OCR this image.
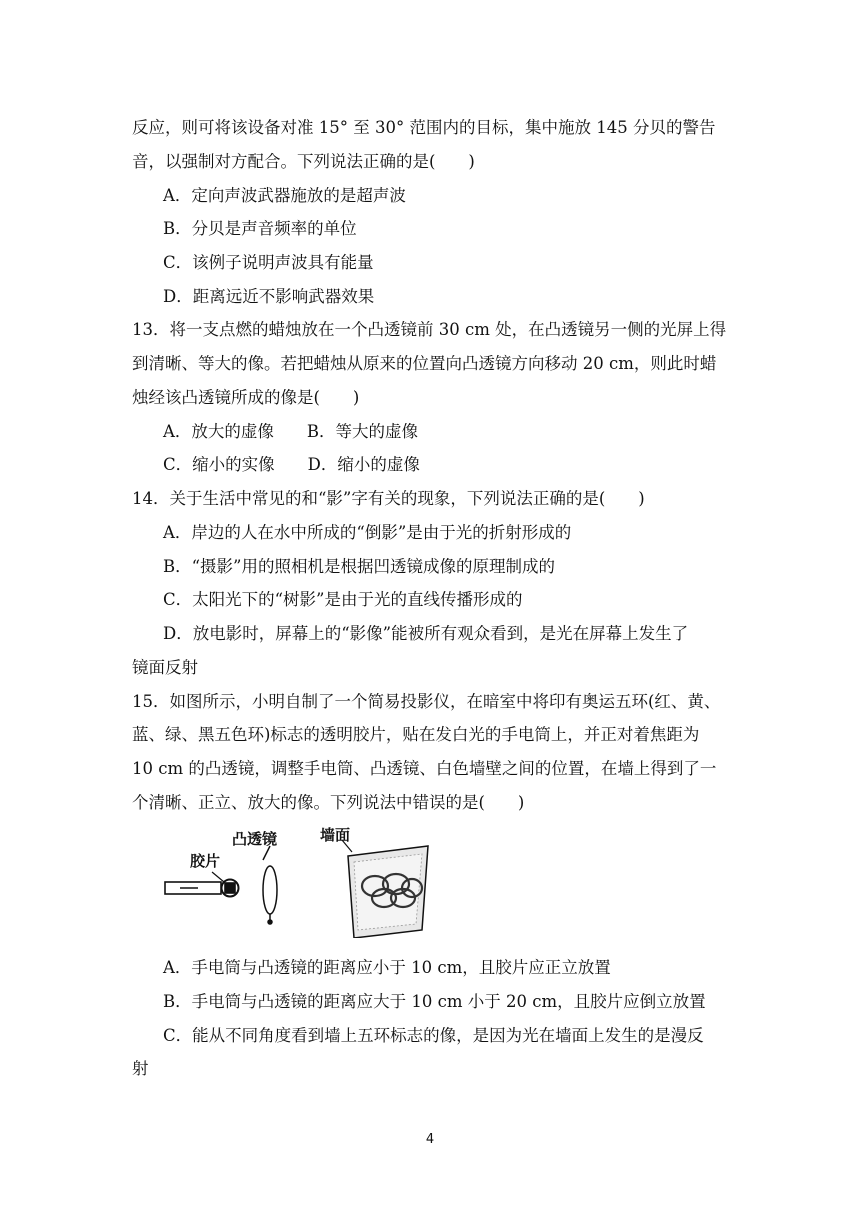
反应，则可将该设备对准 15° 至 30° 范围内的目标，集中施放 145 分贝的警告
音，以强制对方配合。下列说法正确的是(　　)
A．定向声波武器施放的是超声波
B．分贝是声音频率的单位
C．该例子说明声波具有能量
D．距离远近不影响武器效果
13．将一支点燃的蜡烛放在一个凸透镜前 30 cm 处，在凸透镜另一侧的光屏上得
到清晰、等大的像。若把蜡烛从原来的位置向凸透镜方向移动 20 cm，则此时蜡
烛经该凸透镜所成的像是(　　)
A．放大的虚像　　B．等大的虚像
C．缩小的实像　　D．缩小的虚像
14．关于生活中常见的和“影”字有关的现象，下列说法正确的是(　　)
A．岸边的人在水中所成的“倒影”是由于光的折射形成的
B．“摄影”用的照相机是根据凹透镜成像的原理制成的
C．太阳光下的“树影”是由于光的直线传播形成的
D．放电影时，屏幕上的“影像”能被所有观众看到，是光在屏幕上发生了
镜面反射
15．如图所示，小明自制了一个简易投影仪，在暗室中将印有奥运五环(红、黄、
蓝、绿、黑五色环)标志的透明胶片，贴在发白光的手电筒上，并正对着焦距为
10 cm 的凸透镜，调整手电筒、凸透镜、白色墙壁之间的位置，在墙上得到了一
个清晰、正立、放大的像。下列说法中错误的是(　　)
胶片
凸透镜	墙面
A．手电筒与凸透镜的距离应小于 10 cm，且胶片应正立放置
B．手电筒与凸透镜的距离应大于 10 cm 小于 20 cm，且胶片应倒立放置
C．能从不同角度看到墙上五环标志的像，是因为光在墙面上发生的是漫反
射
4
